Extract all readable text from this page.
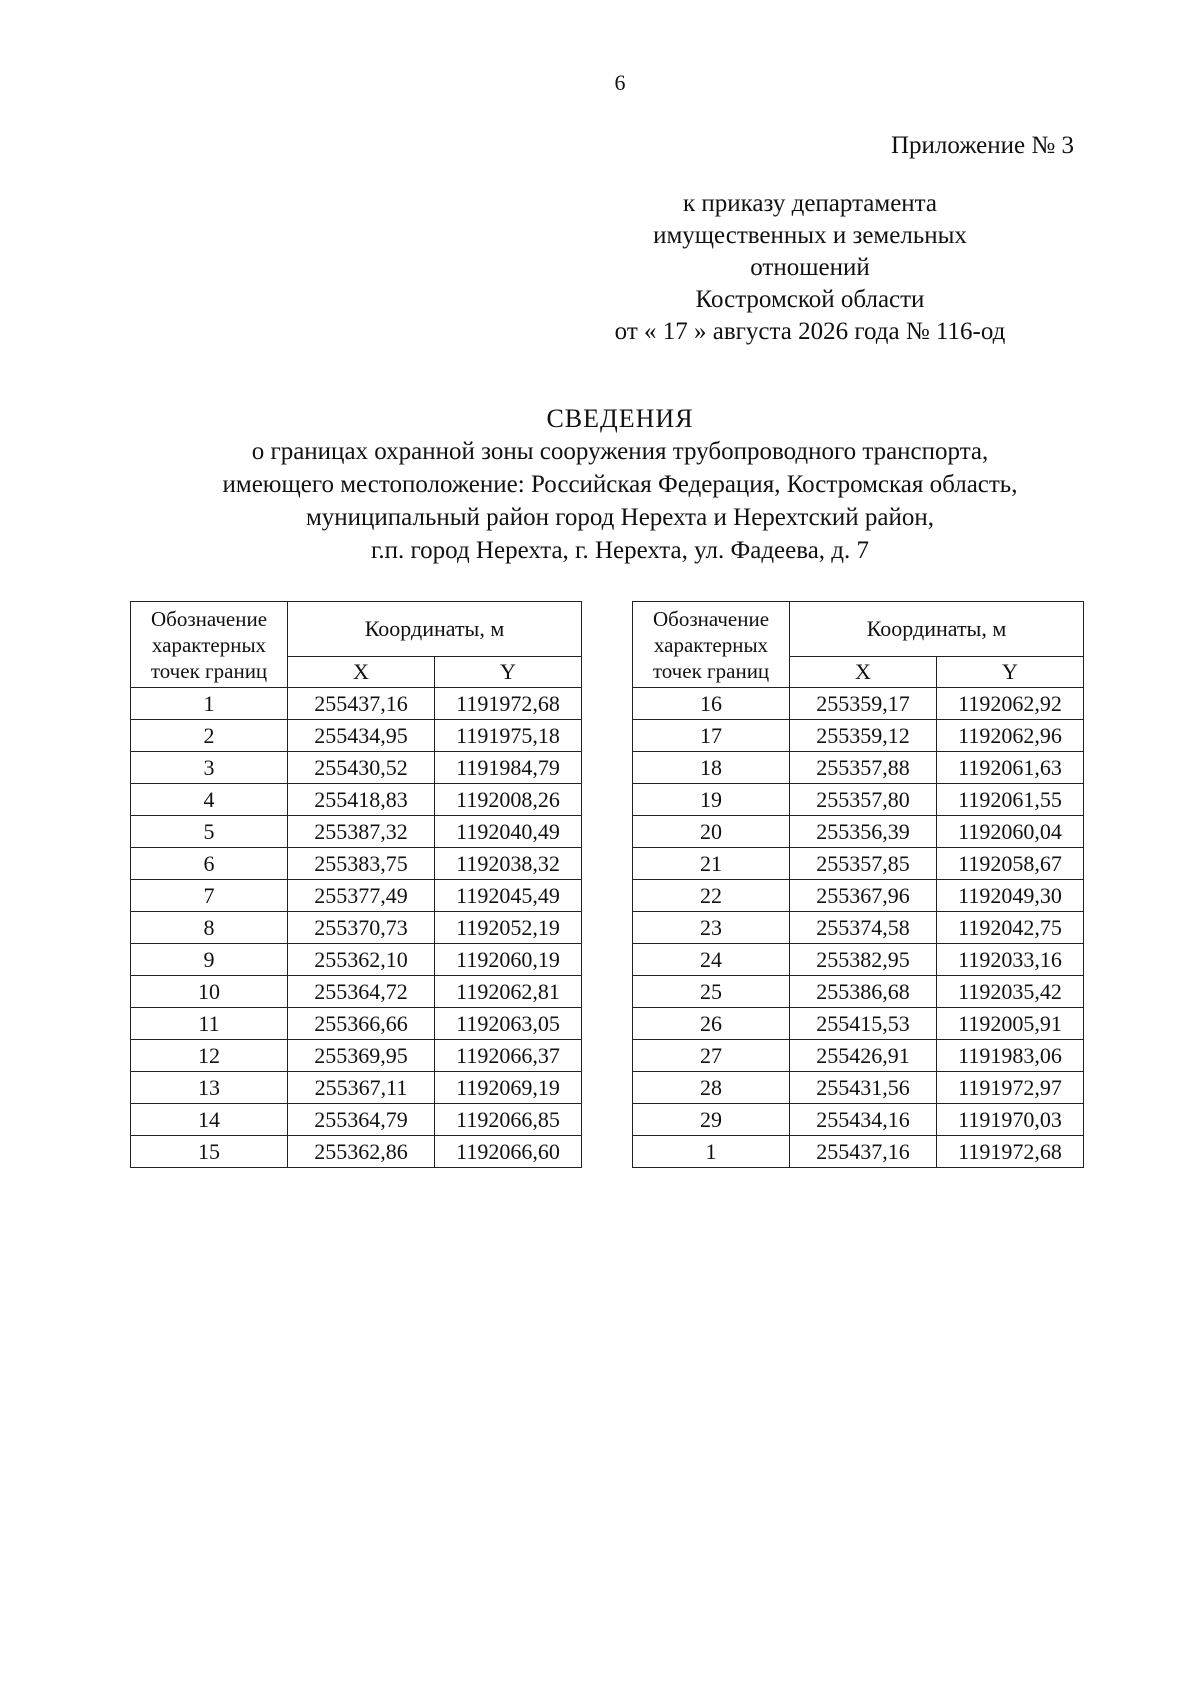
6
Приложение № 3
к приказу департамента
имущественных и земельных
отношений
Костромской области
от « 17 » августа 2026 года № 116-од
СВЕДЕНИЯ
о границах охранной зоны сооружения трубопроводного транспорта,
имеющего местоположение: Российская Федерация, Костромская область,
муниципальный район город Нерехта и Нерехтский район,
г.п. город Нерехта, г. Нерехта, ул. Фадеева, д. 7
Обозначение характерных точек границ	Координаты, м	
	X	Y
1	255437,16	1191972,68
2	255434,95	1191975,18
3	255430,52	1191984,79
4	255418,83	1192008,26
5	255387,32	1192040,49
6	255383,75	1192038,32
7	255377,49	1192045,49
8	255370,73	1192052,19
9	255362,10	1192060,19
10	255364,72	1192062,81
11	255366,66	1192063,05
12	255369,95	1192066,37
13	255367,11	1192069,19
14	255364,79	1192066,85
15	255362,86	1192066,60
Обозначение характерных точек границ	Координаты, м	
	X	Y
16	255359,17	1192062,92
17	255359,12	1192062,96
18	255357,88	1192061,63
19	255357,80	1192061,55
20	255356,39	1192060,04
21	255357,85	1192058,67
22	255367,96	1192049,30
23	255374,58	1192042,75
24	255382,95	1192033,16
25	255386,68	1192035,42
26	255415,53	1192005,91
27	255426,91	1191983,06
28	255431,56	1191972,97
29	255434,16	1191970,03
1	255437,16	1191972,68
